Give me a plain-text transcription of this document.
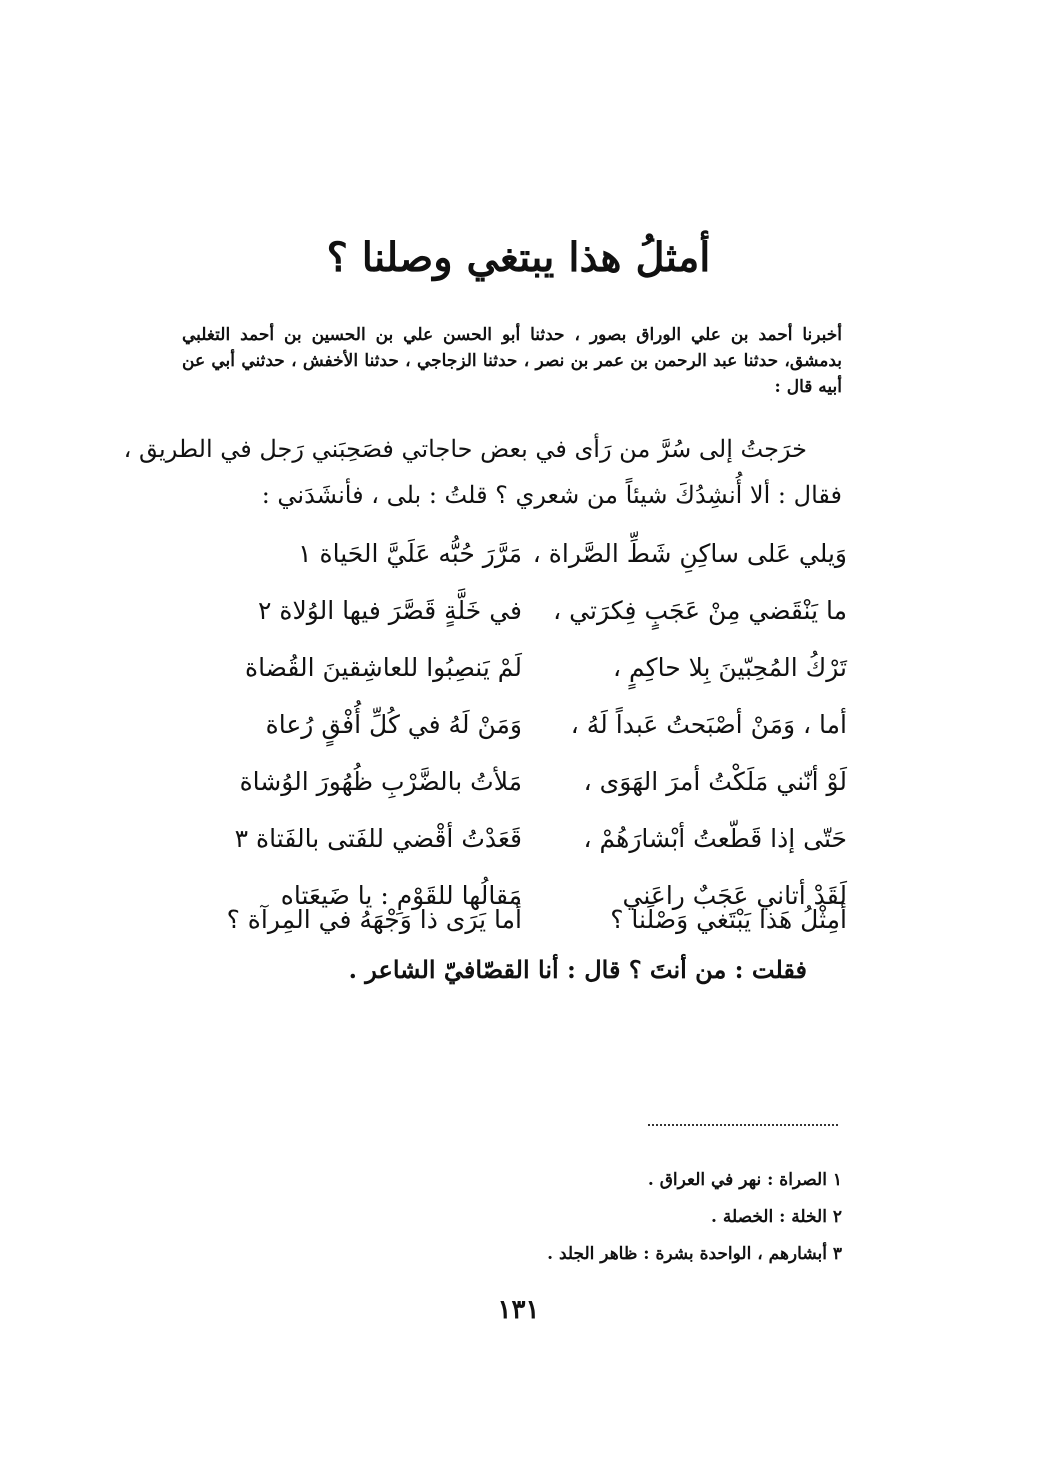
أمثلُ هذا يبتغي وصلنا ؟
أخبرنا أحمد بن علي الوراق بصور ، حدثنا أبو الحسن علي بن الحسين بن أحمد التغلبي بدمشق، حدثنا عبد الرحمن بن عمر بن نصر ، حدثنا الزجاجي ، حدثنا الأخفش ، حدثني أبي عن أبيه قال :
خرَجتُ إلى سُرَّ من رَأى في بعض حاجاتي فصَحِبَني رَجل في الطريق ،
فقال : ألا أُنشِدُكَ شيئاً من شعري ؟ قلتُ : بلى ، فأنشَدَني :
وَيلي عَلى ساكِنِ شَطِّ الصَّراة ،
مَرَّرَ حُبُّه عَلَيَّ الحَياة ١
ما يَنْقَضي مِنْ عَجَبٍ فِكرَتي ،
في خَلَّةٍ قَصَّرَ فيها الوُلاة ٢
تَرْكُ المُحِبّينَ بِلا حاكِمٍ ،
لَمْ يَنصِبُوا للعاشِقينَ القُضاة
أما ، وَمَنْ أصْبَحتُ عَبداً لَهُ ،
وَمَنْ لَهُ في كُلِّ أُفْقٍ رُعاة
لَوْ أنّني مَلَكْتُ أمرَ الهَوَى ،
مَلأتُ بالضَّرْبِ ظُهُورَ الوُشاة
حَتّى إذا قَطّعتُ أبْشارَهُمْ ،
قَعَدْتُ أقْضي للفَتى بالفَتاة ٣
لَقَدْ أتاني عَجَبٌ راعَني
مَقالُها للقَوْمِ : يا ضَيعَتاه
أمِثْلُ هَذا يَبْتَغي وَصْلَنا ؟
أما يَرَى ذا وَجْهَهُ في المِرآة ؟
فقلت : من أنتَ ؟ قال : أنا القصّافيّ الشاعر .
١ الصراة : نهر في العراق .
٢ الخلة : الخصلة .
٣ أبشارهم ، الواحدة بشرة : ظاهر الجلد .
١٣١
